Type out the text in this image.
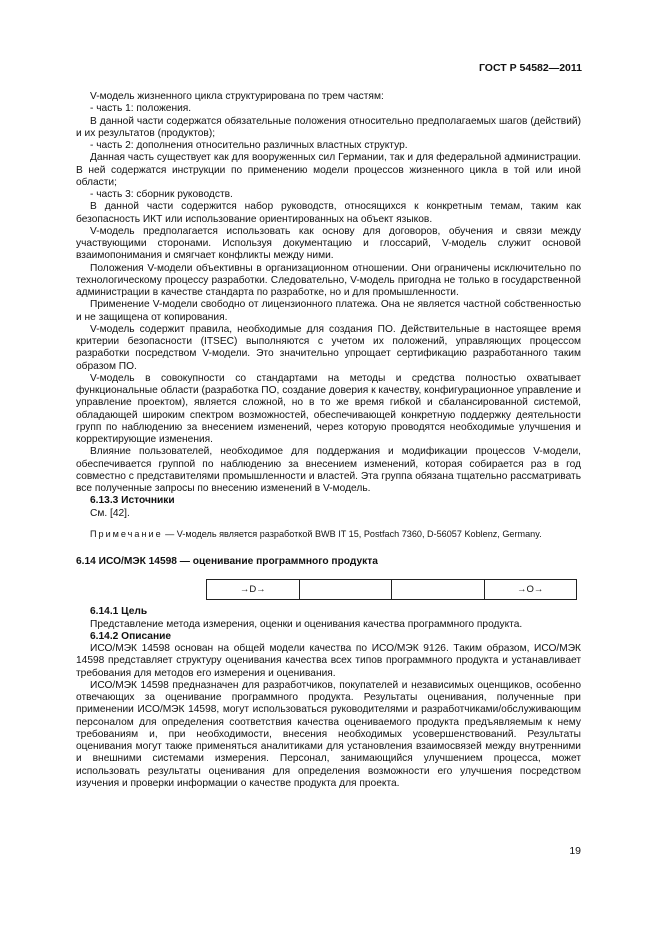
ГОСТ Р 54582—2011

V-модель жизненного цикла структурирована по трем частям:

- часть 1: положения.

В данной части содержатся обязательные положения относительно предполагаемых шагов (действий) и их результатов (продуктов);

- часть 2: дополнения относительно различных властных структур.

Данная часть существует как для вооруженных сил Германии, так и для федеральной администрации. В ней содержатся инструкции по применению модели процессов жизненного цикла в той или иной области;

- часть 3: сборник руководств.

В данной части содержится набор руководств, относящихся к конкретным темам, таким как безопасность ИКТ или использование ориентированных на объект языков.

V-модель предполагается использовать как основу для договоров, обучения и связи между участвующими сторонами. Используя документацию и глоссарий, V-модель служит основой взаимопонимания и смягчает конфликты между ними.

Положения V-модели объективны в организационном отношении. Они ограничены исключительно по технологическому процессу разработки. Следовательно, V-модель пригодна не только в государственной администрации в качестве стандарта по разработке, но и для промышленности.

Применение V-модели свободно от лицензионного платежа. Она не является частной собственностью и не защищена от копирования.

V-модель содержит правила, необходимые для создания ПО. Действительные в настоящее время критерии безопасности (ITSEC) выполняются с учетом их положений, управляющих процессом разработки посредством V-модели. Это значительно упрощает сертификацию разработанного таким образом ПО.

V-модель в совокупности со стандартами на методы и средства полностью охватывает функциональные области (разработка ПО, создание доверия к качеству, конфигурационное управление и управление проектом), является сложной, но в то же время гибкой и сбалансированной системой, обладающей широким спектром возможностей, обеспечивающей конкретную поддержку деятельности групп по наблюдению за внесением изменений, через которую проводятся необходимые улучшения и корректирующие изменения.

Влияние пользователей, необходимое для поддержания и модификации процессов V-модели, обеспечивается группой по наблюдению за внесением изменений, которая собирается раз в год совместно с представителями промышленности и властей. Эта группа обязана тщательно рассматривать все полученные запросы по внесению изменений в V-модель.

6.13.3 Источники

См. [42].

Примечание — V-модель является разработкой BWB IT 15, Postfach 7360, D-56057 Koblenz, Germany.

6.14 ИСО/МЭК 14598 — оценивание программного продукта

→D→	→O→

6.14.1 Цель

Представление метода измерения, оценки и оценивания качества программного продукта.

6.14.2 Описание

ИСО/МЭК 14598 основан на общей модели качества по ИСО/МЭК 9126. Таким образом, ИСО/МЭК 14598 представляет структуру оценивания качества всех типов программного продукта и устанавливает требования для методов его измерения и оценивания.

ИСО/МЭК 14598 предназначен для разработчиков, покупателей и независимых оценщиков, особенно отвечающих за оценивание программного продукта. Результаты оценивания, полученные при применении ИСО/МЭК 14598, могут использоваться руководителями и разработчиками/обслуживающим персоналом для определения соответствия качества оцениваемого продукта предъявляемым к нему требованиям и, при необходимости, внесения необходимых усовершенствований. Результаты оценивания могут также применяться аналитиками для установления взаимосвязей между внутренними и внешними системами измерения. Персонал, занимающийся улучшением процесса, может использовать результаты оценивания для определения возможности его улучшения посредством изучения и проверки информации о качестве продукта для проекта.

19
